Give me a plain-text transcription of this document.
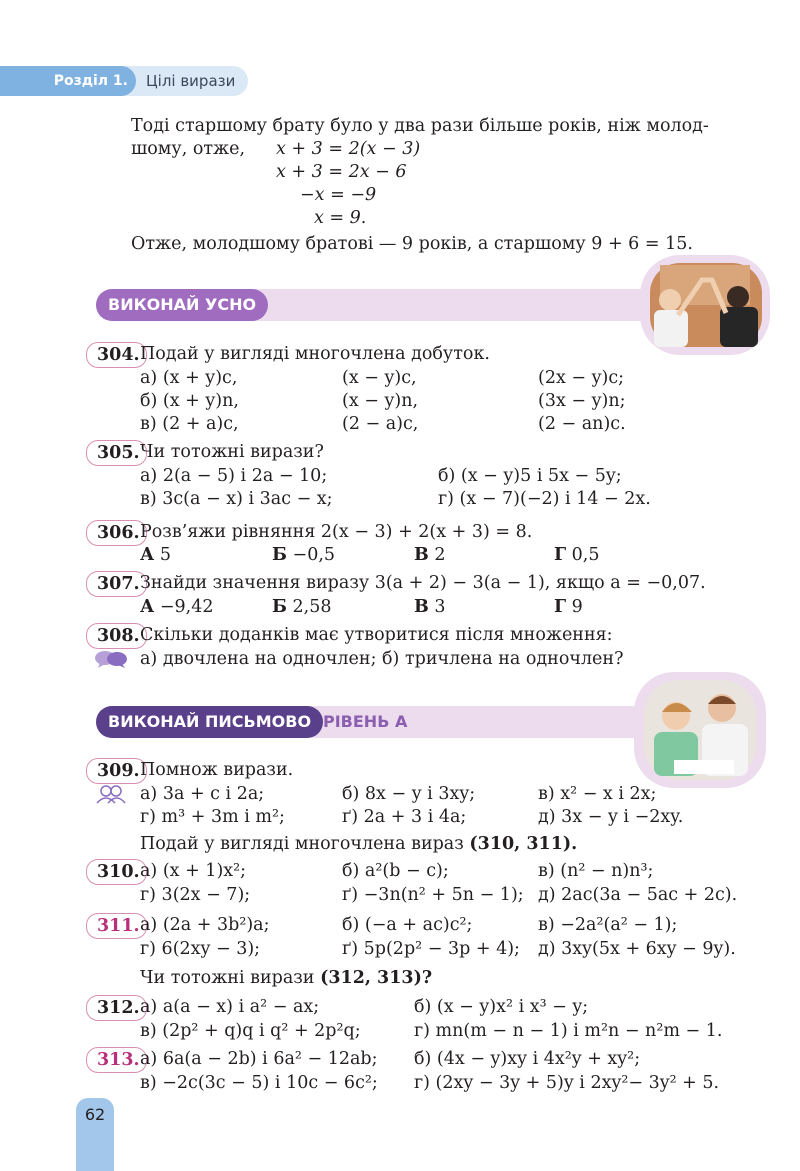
Розділ 1.	Цілі вирази
Тоді старшому брату було у два рази більше років, ніж молод-
шому, отже, x + 3 = 2(x − 3)
x + 3 = 2x − 6
−x = −9
x = 9.
Отже, молодшому братові — 9 років, а старшому 9 + 6 = 15.
ВИКОНАЙ УСНО
304. Подай у вигляді многочлена добуток.
а) (x + y)c,	(x − y)c,	(2x − y)c;
б) (x + y)n,	(x − y)n,	(3x − y)n;
в) (2 + a)c,	(2 − a)c,	(2 − an)c.
305. Чи тотожні вирази?
а) 2(a − 5) і 2a − 10;	б) (x − y)5 і 5x − 5y;
в) 3c(a − x) і 3ac − x;	г) (x − 7)(−2) і 14 − 2x.
306. Розв’яжи рівняння 2(x − 3) + 2(x + 3) = 8.
А 5	Б −0,5	В 2	Г 0,5
307. Знайди значення виразу 3(a + 2) − 3(a − 1), якщо a = −0,07.
А −9,42	Б 2,58	В 3	Г 9
308. Скільки доданків має утворитися після множення:
а) двочлена на одночлен; б) тричлена на одночлен?
ВИКОНАЙ ПИСЬМОВО РІВЕНЬ А
309. Помнож вирази.
а) 3a + c і 2a;	б) 8x − y і 3xy;	в) x² − x і 2x;
г) m³ + 3m і m²;	ґ) 2a + 3 і 4a;	д) 3x − y і −2xy.
Подай у вигляді многочлена вираз (310, 311).
310. а) (x + 1)x²;	б) a²(b − c);	в) (n² − n)n³;
г) 3(2x − 7);	ґ) −3n(n² + 5n − 1); д) 2ac(3a − 5ac + 2c).
311. а) (2a + 3b²)a;	б) (−a + ac)c²;	в) −2a²(a² − 1);
г) 6(2xy − 3);	ґ) 5p(2p² − 3p + 4); д) 3xy(5x + 6xy − 9y).
Чи тотожні вирази (312, 313)?
312. а) a(a − x) і a² − ax;	б) (x − y)x² і x³ − y;
в) (2p² + q)q і q² + 2p²q;	г) mn(m − n − 1) і m²n − n²m − 1.
313. а) 6a(a − 2b) і 6a² − 12ab; б) (4x − y)xy і 4x²y + xy²;
в) −2c(3c − 5) і 10c − 6c²; г) (2xy − 3y + 5)y і 2xy²− 3y² + 5.
62
